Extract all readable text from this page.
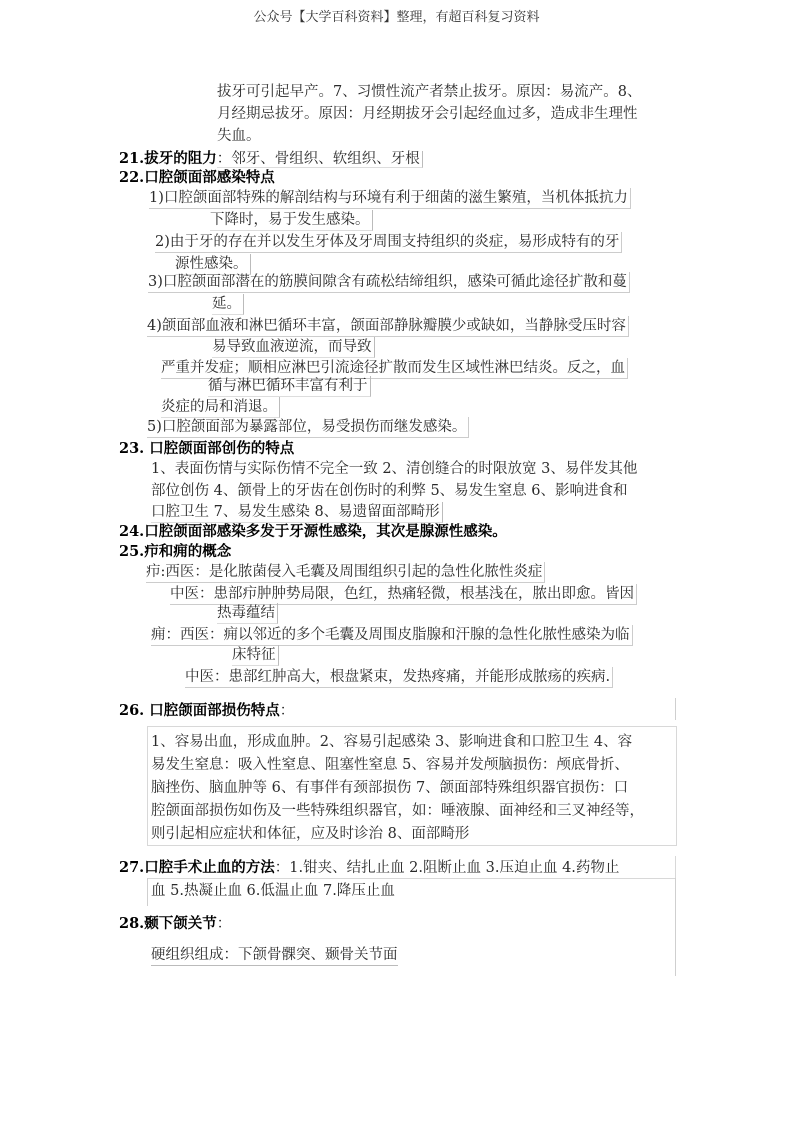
公众号【大学百科资料】整理，有超百科复习资料
拔牙可引起早产。7、习惯性流产者禁止拔牙。原因：易流产。8、
月经期忌拔牙。原因：月经期拔牙会引起经血过多，造成非生理性
失血。
21.拔牙的阻力：邻牙、骨组织、软组织、牙根
22.口腔颌面部感染特点
1)口腔颌面部特殊的解剖结构与环境有利于细菌的滋生繁殖，当机体抵抗力
下降时，易于发生感染。
2)由于牙的存在并以发生牙体及牙周围支持组织的炎症，易形成特有的牙
源性感染。
3)口腔颌面部潜在的筋膜间隙含有疏松结缔组织，感染可循此途径扩散和蔓
延。
4)颌面部血液和淋巴循环丰富，颌面部静脉瓣膜少或缺如，当静脉受压时容
易导致血液逆流，而导致
严重并发症；顺相应淋巴引流途径扩散而发生区域性淋巴结炎。反之，血
循与淋巴循环丰富有利于
炎症的局和消退。
5)口腔颌面部为暴露部位，易受损伤而继发感染。
23. 口腔颌面部创伤的特点
1、表面伤情与实际伤情不完全一致 2、清创缝合的时限放宽 3、易伴发其他
部位创伤 4、颌骨上的牙齿在创伤时的利弊 5、易发生窒息 6、影响进食和
口腔卫生 7、易发生感染 8、易遗留面部畸形
24.口腔颌面部感染多发于牙源性感染，其次是腺源性感染。
25.疖和痈的概念
疖:西医：是化脓菌侵入毛囊及周围组织引起的急性化脓性炎症
中医：患部疖肿肿势局限，色红，热痛轻微，根基浅在，脓出即愈。皆因
热毒蕴结
痈：西医：痈以邻近的多个毛囊及周围皮脂腺和汗腺的急性化脓性感染为临
床特征
中医：患部红肿高大，根盘紧束，发热疼痛，并能形成脓疡的疾病.
26. 口腔颌面部损伤特点：
1、容易出血，形成血肿。2、容易引起感染 3、影响进食和口腔卫生 4、容
易发生窒息：吸入性窒息、阻塞性窒息 5、容易并发颅脑损伤：颅底骨折、
脑挫伤、脑血肿等 6、有事伴有颈部损伤 7、颌面部特殊组织器官损伤：口
腔颌面部损伤如伤及一些特殊组织器官，如：唾液腺、面神经和三叉神经等，
则引起相应症状和体征，应及时诊治 8、面部畸形
27.口腔手术止血的方法：1.钳夹、结扎止血 2.阻断止血 3.压迫止血 4.药物止
血 5.热凝止血 6.低温止血 7.降压止血
28.颞下颌关节：
硬组织组成：下颌骨髁突、颞骨关节面
